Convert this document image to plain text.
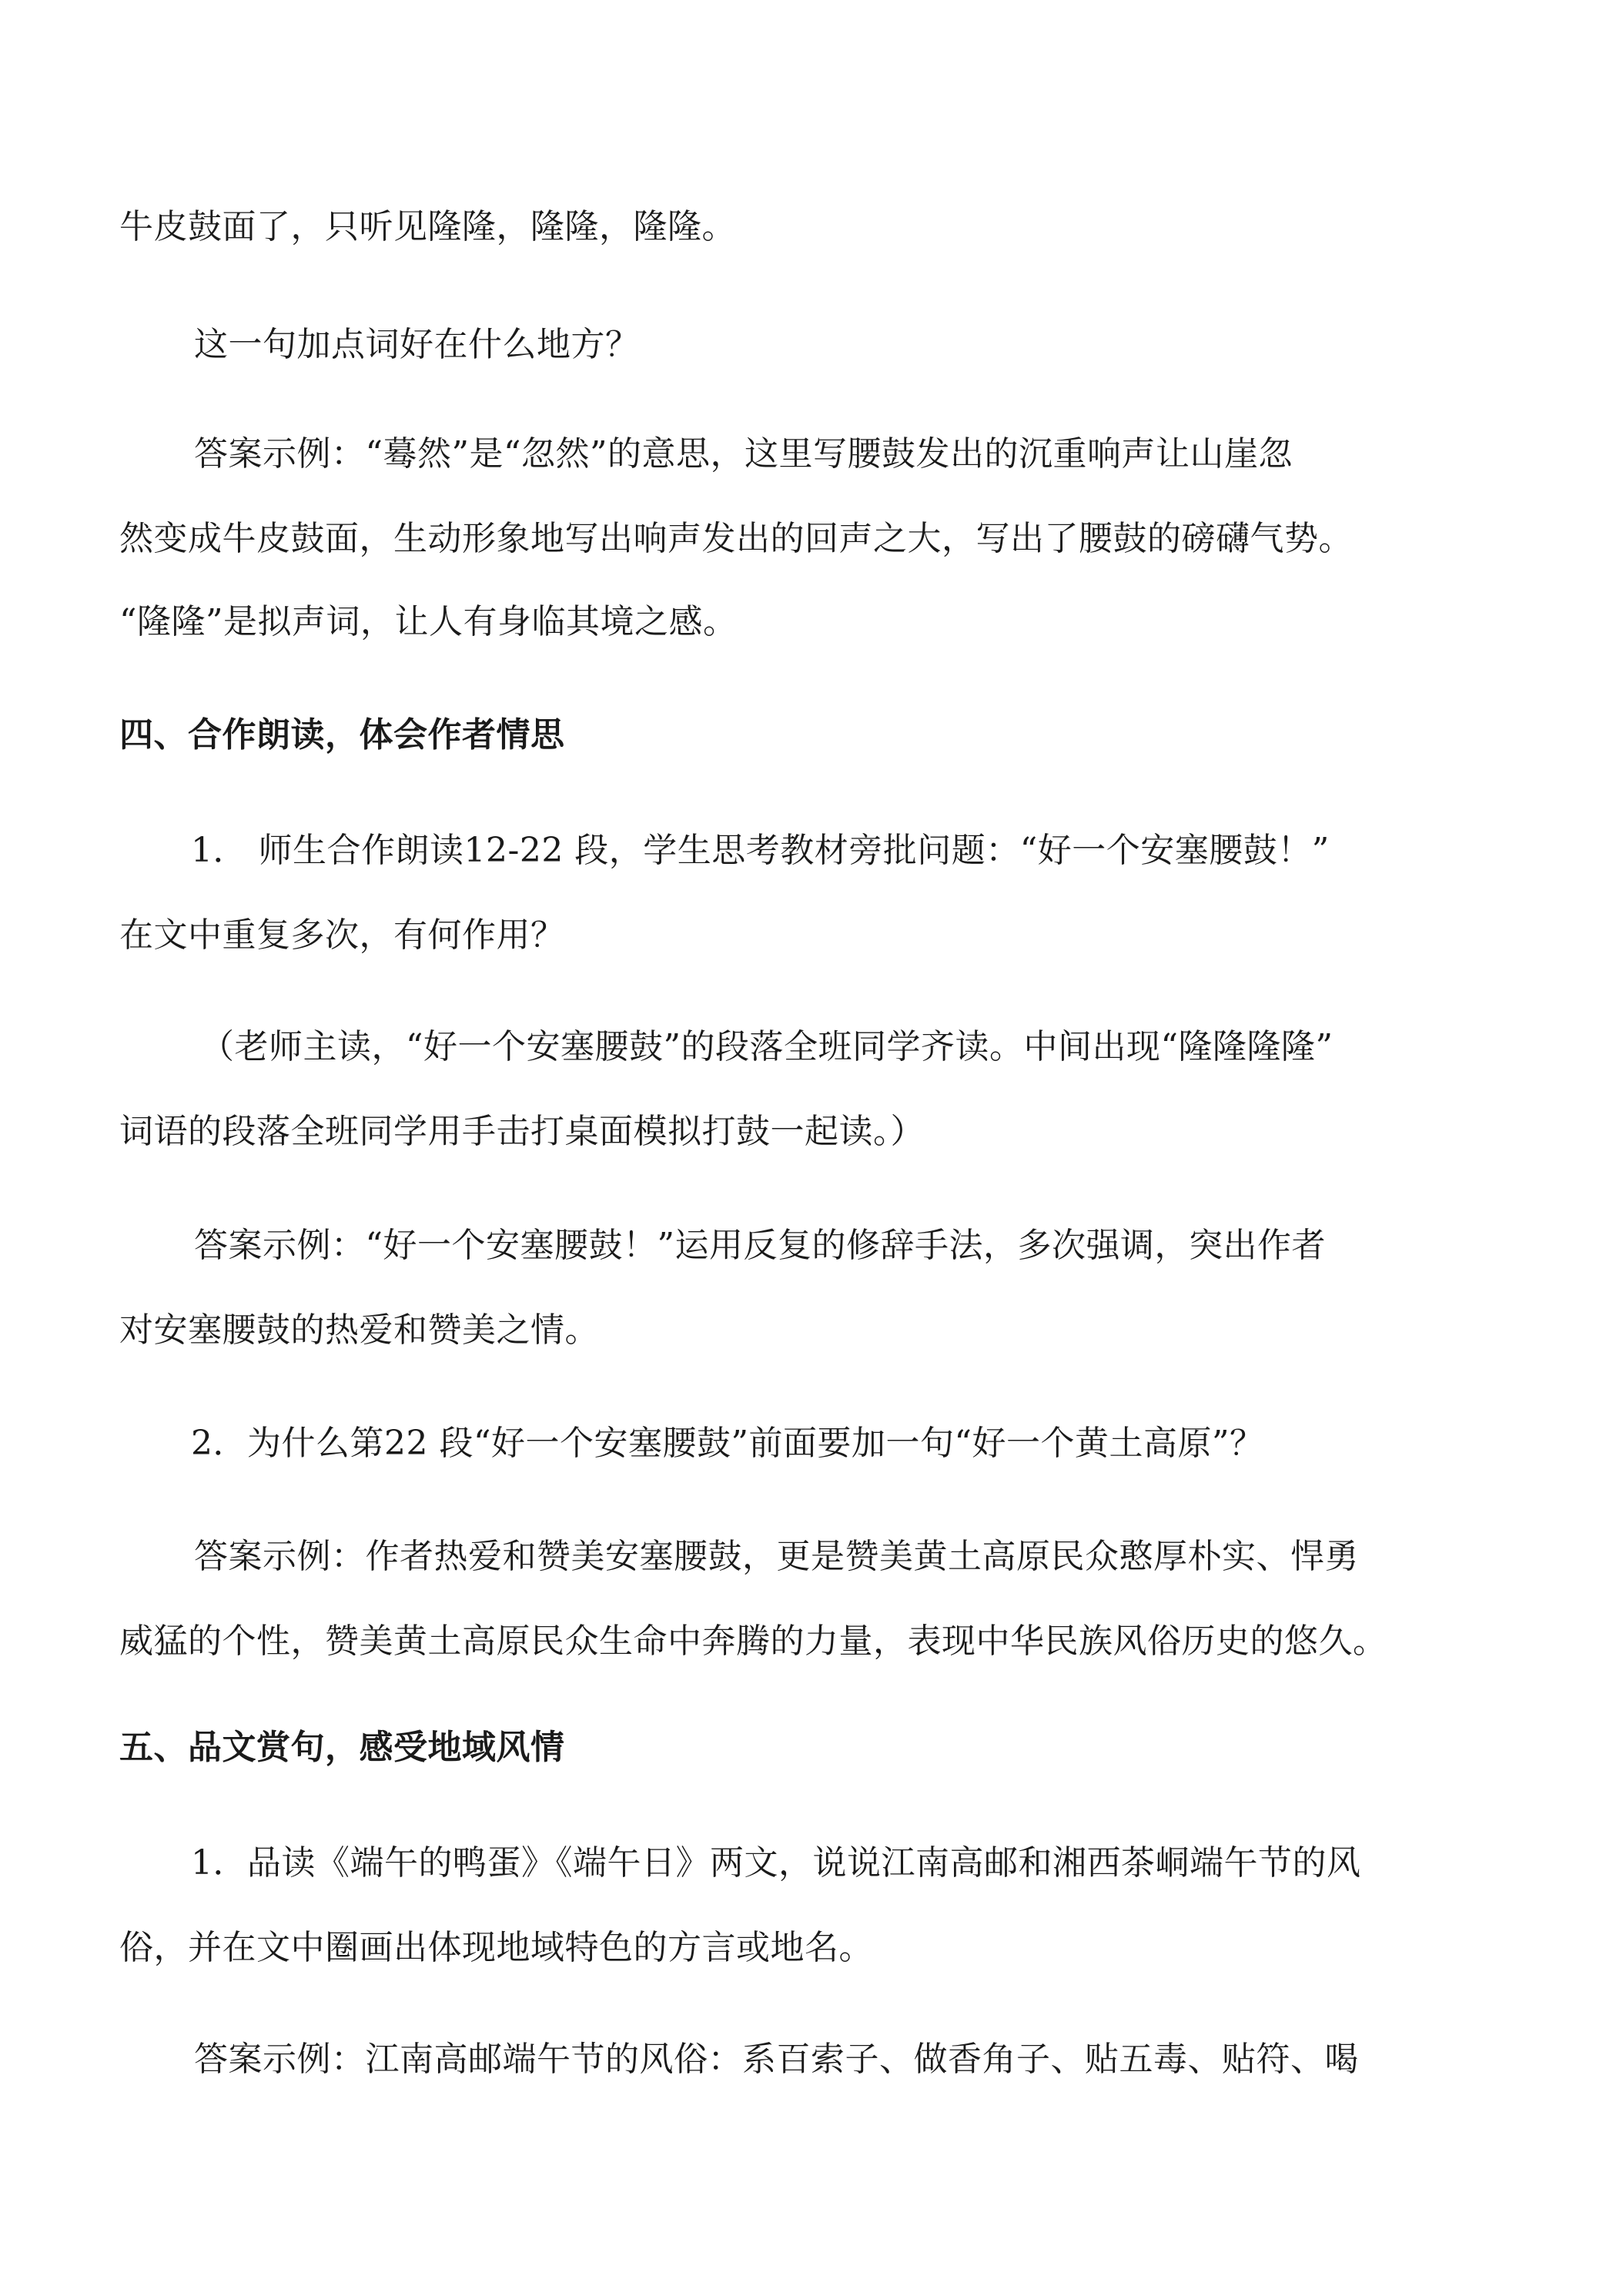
牛皮鼓面了，只听见隆隆，隆隆，隆隆。
这一句加点词好在什么地方？
答案示例：“蓦然”是“忽然”的意思，这里写腰鼓发出的沉重响声让山崖忽
然变成牛皮鼓面，生动形象地写出响声发出的回声之大，写出了腰鼓的磅礴气势。
“隆隆”是拟声词，让人有身临其境之感。
四、合作朗读，体会作者情思
1． 师生合作朗读12-22 段，学生思考教材旁批问题：“好一个安塞腰鼓！”
在文中重复多次，有何作用？
（老师主读，“好一个安塞腰鼓”的段落全班同学齐读。中间出现“隆隆隆隆”
词语的段落全班同学用手击打桌面模拟打鼓一起读。）
答案示例：“好一个安塞腰鼓！”运用反复的修辞手法，多次强调，突出作者
对安塞腰鼓的热爱和赞美之情。
2．为什么第22 段“好一个安塞腰鼓”前面要加一句“好一个黄土高原”？
答案示例：作者热爱和赞美安塞腰鼓，更是赞美黄土高原民众憨厚朴实、悍勇
威猛的个性，赞美黄土高原民众生命中奔腾的力量，表现中华民族风俗历史的悠久。
五、品文赏句，感受地域风情
1．品读《端午的鸭蛋》《端午日》两文，说说江南高邮和湘西茶峒端午节的风
俗，并在文中圈画出体现地域特色的方言或地名。
答案示例：江南高邮端午节的风俗：系百索子、做香角子、贴五毒、贴符、喝
